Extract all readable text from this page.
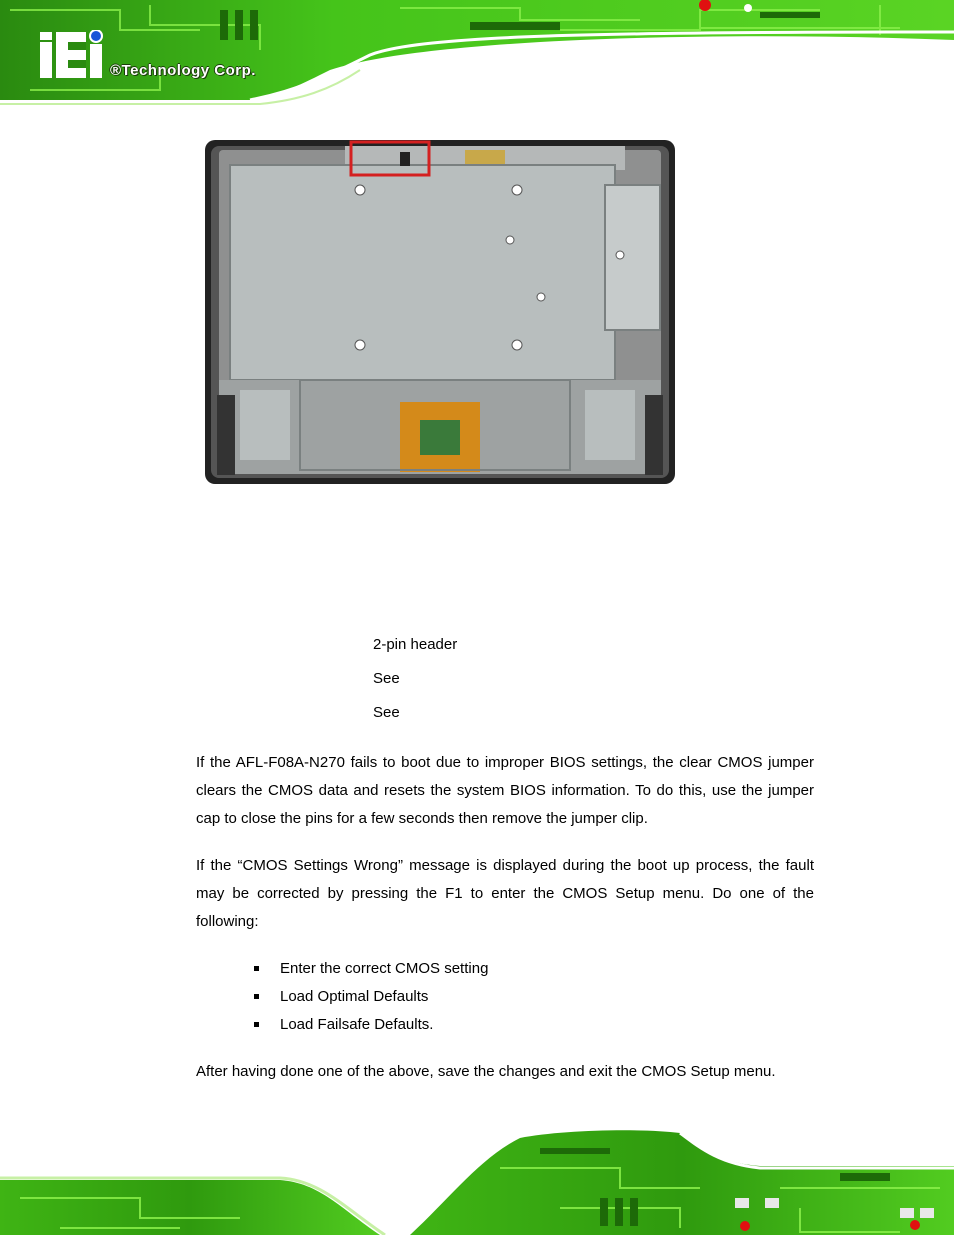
®Technology Corp.
2-pin header
See
See

If the AFL-F08A-N270 fails to boot due to improper BIOS settings, the clear CMOS jumper clears the CMOS data and resets the system BIOS information. To do this, use the jumper cap to close the pins for a few seconds then remove the jumper clip.

If the “CMOS Settings Wrong” message is displayed during the boot up process, the fault may be corrected by pressing the F1 to enter the CMOS Setup menu. Do one of the following:

Enter the correct CMOS setting
Load Optimal Defaults
Load Failsafe Defaults.

After having done one of the above, save the changes and exit the CMOS Setup menu.
